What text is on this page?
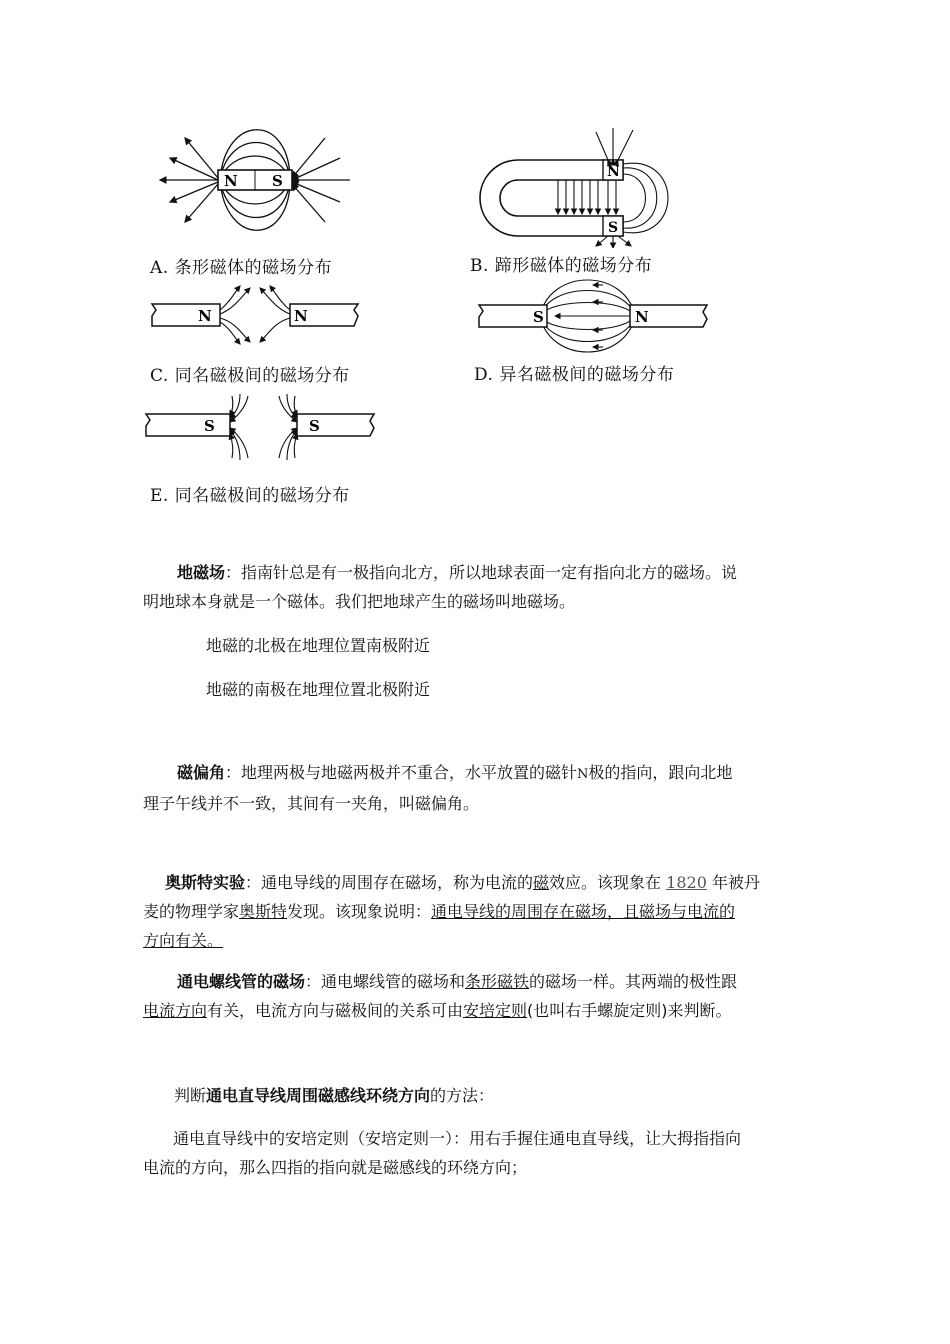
N S
A. 条形磁体的磁场分布
N
S
B. 蹄形磁体的磁场分布
N	N
C. 同名磁极间的磁场分布
S	N
D. 异名磁极间的磁场分布
S	S
E. 同名磁极间的磁场分布
地磁场：指南针总是有一极指向北方，所以地球表面一定有指向北方的磁场。说
明地球本身就是一个磁体。我们把地球产生的磁场叫地磁场。
地磁的北极在地理位置南极附近
地磁的南极在地理位置北极附近
磁偏角：地理两极与地磁两极并不重合，水平放置的磁针N极的指向，跟向北地
理子午线并不一致，其间有一夹角，叫磁偏角。
奥斯特实验：通电导线的周围存在磁场，称为电流的磁效应。该现象在 1820 年被丹
麦的物理学家奥斯特发现。该现象说明：通电导线的周围存在磁场，且磁场与电流的
方向有关。
通电螺线管的磁场：通电螺线管的磁场和条形磁铁的磁场一样。其两端的极性跟
电流方向有关，电流方向与磁极间的关系可由安培定则(也叫右手螺旋定则)来判断。
判断通电直导线周围磁感线环绕方向的方法：
通电直导线中的安培定则（安培定则一）：用右手握住通电直导线，让大拇指指向
电流的方向，那么四指的指向就是磁感线的环绕方向；
